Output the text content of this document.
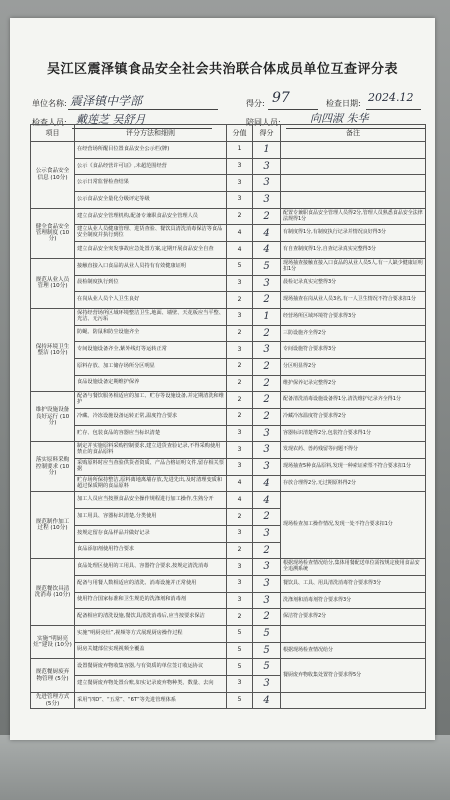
吴江区震泽镇食品安全社会共治联合体成员单位互查评分表
单位名称: 震泽镇中学部	得分: 97	检查日期: 2024.12
检查人员: 戴莲芝 吴舒月	陪同人员:	向四淑 朱华
项目	评分方法和细则	分值	得分	备注
公示食品安全信息 (10分)	在经营场所醒目位置食品安全公示栏(牌)	1	1	
	公示《食品经营许可证》,未超范围经营	3	3	
	公示日常监督检查结果	3	3	
	公示食品安全量化分级评定等级	3	3	
健全食品安全管理制度 (10分)	建立食品安全管理机构,配备专兼职食品安全管理人员	2	2	配置专兼职食品安全管理人员得2分,管理人员熟悉食品安全法律法规得1分
	建立从业人员健康管理、进货查验、餐饮具清洗消毒保洁等食品安全制度并执行到位	4	4	有制度得1分,有制度执行记录并情况良好得3分
	建立食品安全突发事故应急处置方案,定期开展食品安全自查	4	4	有自查制度得1分,自查记录真实完整得3分
规范从业人员管理 (10分)	接触直接入口食品的从业人员持有有效健康证明	5	5	现场抽查接触直接入口食品的从业人员5人,有一人缺少健康证明扣1分
	晨检制度执行到位	3	3	晨检记录真实完整得3分
	在岗从业人员个人卫生良好	2	2	现场抽查在岗从业人员3名,有一人卫生情况不符合要求扣1分
保持环境卫生整洁 (10分)	保持经营场所区域环境整洁卫生,地面、墙壁、天花板应当平整、光洁、无污垢	3	1	经营场所区域环境符合要求得3分
	防蝇、防鼠和防尘设施齐全	2	2	三防设施齐全得2分
	专间设施设备齐全,紫外线灯等运转正常	3	3	专间设施符合要求得3分
	原料存放、加工储存场所分区明显	2	2	分区明显得2分
	食品设施设备定期维护保养	2	2	维护保养记录完整得2分
维护设施设备良好运行 (10分)	配备与餐饮服务相适应的加工、贮存等设施设备,并定期清洗和维护	2	2	配备清洗消毒设施设备得1分,清洗维护记录齐全得1分
	冷藏、冷冻设施设备运转正常,温度符合要求	2	2	冷藏冷冻温度符合要求得2分
	贮存、包装食品的容器应当标识清楚	3	3	容器标识清楚得2分,包装符合要求得1分
落实原料采购控制要求 (10分)	制定并实施原料采购控制要求,建立进货查验记录,不得采购使用禁止的食品原料	3	3	发现农药、兽药残留等问题不得分
	采购原料时应当查验供货者资质、产品合格证明文件,留存相关票据	3	3	现场抽查5种食品原料,发现一种索证索票不符合要求扣1分
	贮存场所保持整洁,原料离地离墙存放,先进先出,及时清理变质和超过保质期的食品原料	4	4	存放合理得2分,无过期原料得2分
规范制作加工过程 (10分)	加工人员应当按照食品安全操作规程进行加工操作,生熟分开	4	4	现场检查加工操作情况,发现一处不符合要求扣1分
	加工用具、容器标识清楚,分类使用	2	2	
	按规定留存食品样品并做好记录	3	3	
	食品添加剂使用符合要求	2	2	
规范餐饮具清洗消毒 (10分)	食品处理区使用的工用具、容器符合要求,按规定清洗消毒	3	3	根据现场检查情况给分,集体用餐配送单位需按规定使用食品安全追溯系统
	配备与用餐人数相适应的清洗、消毒设施并正常使用	3	3	餐饮具、工具、用具清洗消毒符合要求得3分
	使用符合国家标准和卫生规范的洗涤剂和消毒剂	3	3	洗涤剂和消毒剂符合要求得3分
	配备相应的清洗设施,餐饮具清洗消毒后,应当按要求保洁	2	2	保洁符合要求得2分
实施“明厨亮灶”建设 (10分)	实施“明厨亮灶”,视频等方式展现厨房操作过程	5	5	
	厨房关键部位实现视频全覆盖	5	5	根据现场检查情况给分
规范餐厨废弃物管理 (5分)	设置餐厨废弃物收集容器,与有资质的单位签订收运协议	5	5	餐厨废弃物收集处置符合要求得5分
	建立餐厨废弃物处置台账,如实记录废弃物种类、数量、去向	3	3	
先进管理方式 (5分)	采用“四D”、“五常”、“6T”等先进管理体系	5	4	
